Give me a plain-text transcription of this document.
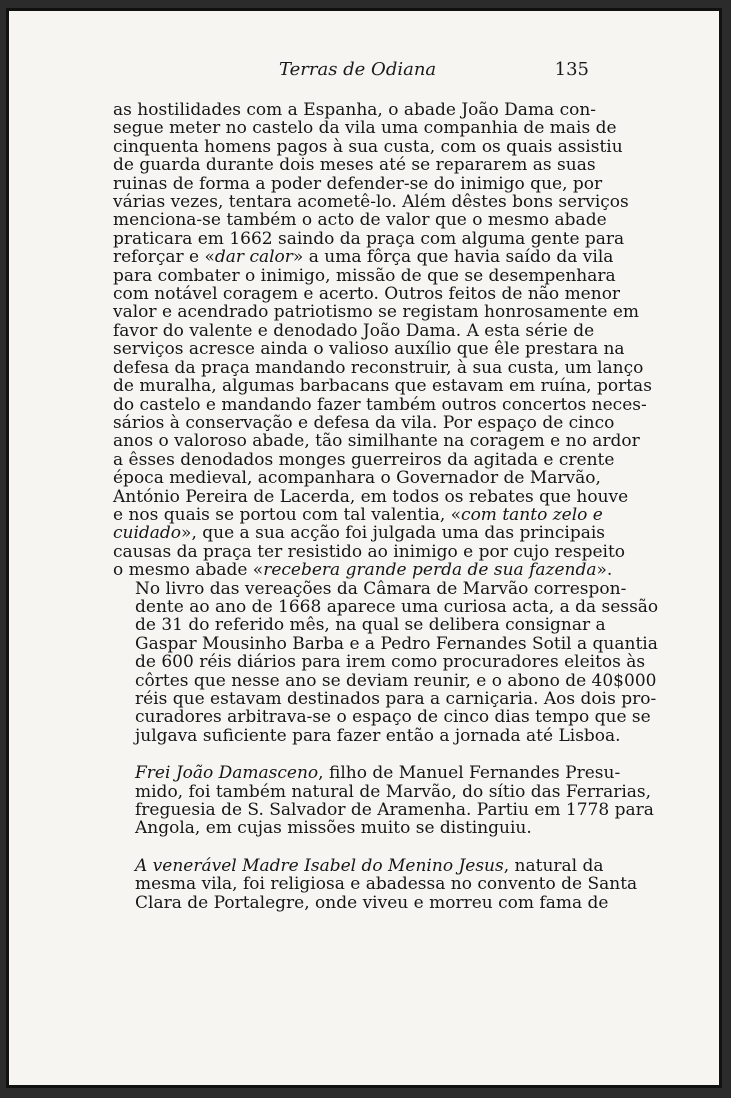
Terras de Odiana	135

as hostilidades com a Espanha, o abade João Dama con-
segue meter no castelo da vila uma companhia de mais de
cinquenta homens pagos à sua custa, com os quais assistiu
de guarda durante dois meses até se repararem as suas
ruinas de forma a poder defender-se do inimigo que, por
várias vezes, tentara acometê-lo. Além dêstes bons serviços
menciona-se também o acto de valor que o mesmo abade
praticara em 1662 saindo da praça com alguma gente para
reforçar e «dar calor» a uma fôrça que havia saído da vila
para combater o inimigo, missão de que se desempenhara
com notável coragem e acerto. Outros feitos de não menor
valor e acendrado patriotismo se registam honrosamente em
favor do valente e denodado João Dama. A esta série de
serviços acresce ainda o valioso auxílio que êle prestara na
defesa da praça mandando reconstruir, à sua custa, um lanço
de muralha, algumas barbacans que estavam em ruína, portas
do castelo e mandando fazer também outros concertos neces-
sários à conservação e defesa da vila. Por espaço de cinco
anos o valoroso abade, tão similhante na coragem e no ardor
a êsses denodados monges guerreiros da agitada e crente
época medieval, acompanhara o Governador de Marvão,
António Pereira de Lacerda, em todos os rebates que houve
e nos quais se portou com tal valentia, «com tanto zelo e
cuidado», que a sua acção foi julgada uma das principais
causas da praça ter resistido ao inimigo e por cujo respeito
o mesmo abade «recebera grande perda de sua fazenda».

No livro das vereações da Câmara de Marvão correspon-
dente ao ano de 1668 aparece uma curiosa acta, a da sessão
de 31 do referido mês, na qual se delibera consignar a
Gaspar Mousinho Barba e a Pedro Fernandes Sotil a quantia
de 600 réis diários para irem como procuradores eleitos às
côrtes que nesse ano se deviam reunir, e o abono de 40$000
réis que estavam destinados para a carniçaria. Aos dois pro-
curadores arbitrava-se o espaço de cinco dias tempo que se
julgava suficiente para fazer então a jornada até Lisboa.

Frei João Damasceno, filho de Manuel Fernandes Presu-
mido, foi também natural de Marvão, do sítio das Ferrarias,
freguesia de S. Salvador de Aramenha. Partiu em 1778 para
Angola, em cujas missões muito se distinguiu.

A venerável Madre Isabel do Menino Jesus, natural da
mesma vila, foi religiosa e abadessa no convento de Santa
Clara de Portalegre, onde viveu e morreu com fama de
